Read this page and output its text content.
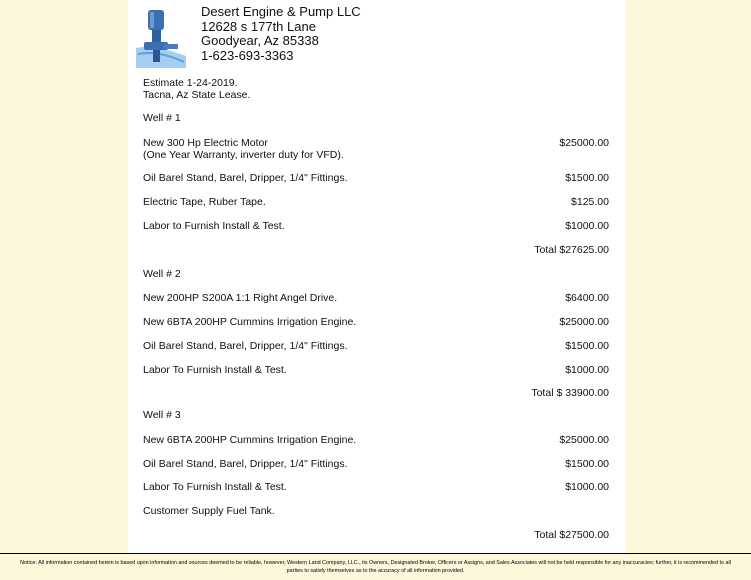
Desert Engine & Pump LLC
12628 s 177th Lane
Goodyear, Az 85338
1-623-693-3363
Estimate 1-24-2019.
Tacna, Az State Lease.
Well # 1
New 300 Hp Electric Motor
(One Year Warranty, inverter duty for VFD).
$25000.00
Oil Barel Stand, Barel, Dripper, 1/4" Fittings.	$1500.00
Electric Tape, Ruber Tape.	$125.00
Labor to Furnish Install & Test.	$1000.00
Total $27625.00
Well # 2
New 200HP S200A 1:1 Right Angel Drive.	$6400.00
New 6BTA 200HP Cummins Irrigation Engine.	$25000.00
Oil Barel Stand, Barel, Dripper, 1/4" Fittings.	$1500.00
Labor To Furnish Install & Test.	$1000.00
Total $ 33900.00
Well # 3
New 6BTA 200HP Cummins Irrigation Engine.	$25000.00
Oil Barel Stand, Barel, Dripper, 1/4" Fittings.	$1500.00
Labor To Furnish Install & Test.	$1000.00
Customer Supply Fuel Tank.
Total $27500.00
Notice: All information contained herein is based upon information and sources deemed to be reliable, however, Western Land Company, LLC., its Owners, Designated Broker, Officers or Assigns, and Sales Associates will not be held responsible for any inaccuracies; further, it is recommended to all parties to satisfy themselves as to the accuracy of all information provided.
